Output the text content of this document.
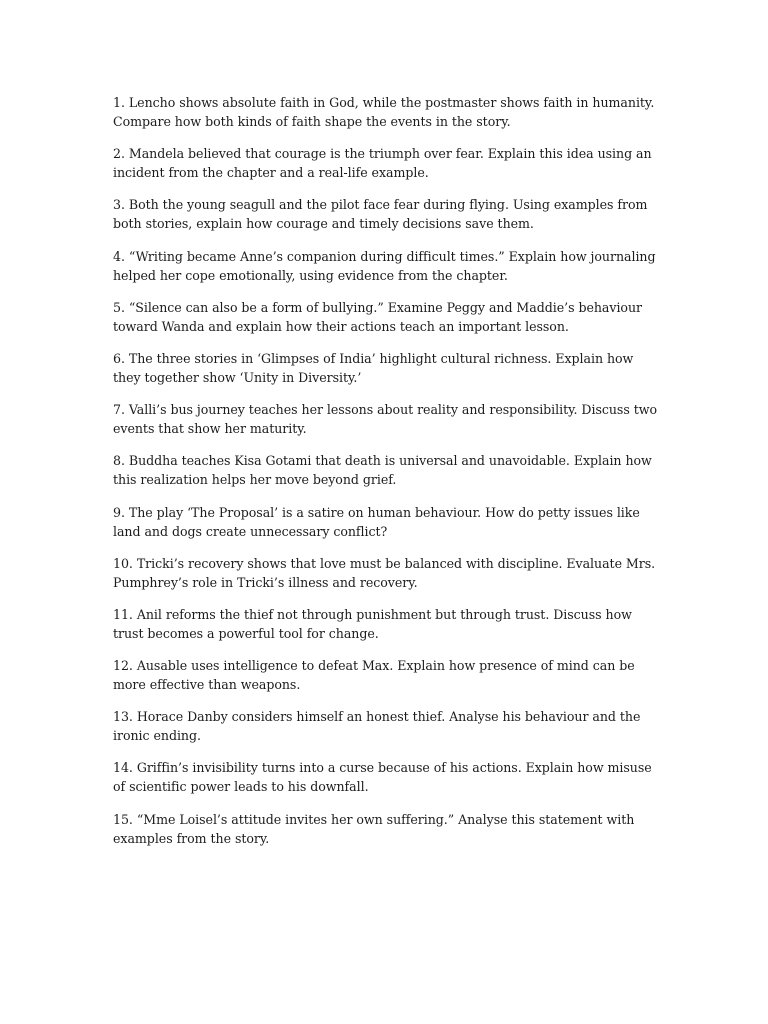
1. Lencho shows absolute faith in God, while the postmaster shows faith in humanity. Compare how both kinds of faith shape the events in the story.
2. Mandela believed that courage is the triumph over fear. Explain this idea using an incident from the chapter and a real-life example.
3. Both the young seagull and the pilot face fear during flying. Using examples from both stories, explain how courage and timely decisions save them.
4. “Writing became Anne’s companion during difficult times.” Explain how journaling helped her cope emotionally, using evidence from the chapter.
5. “Silence can also be a form of bullying.” Examine Peggy and Maddie’s behaviour toward Wanda and explain how their actions teach an important lesson.
6. The three stories in ‘Glimpses of India’ highlight cultural richness. Explain how they together show ‘Unity in Diversity.’
7. Valli’s bus journey teaches her lessons about reality and responsibility. Discuss two events that show her maturity.
8. Buddha teaches Kisa Gotami that death is universal and unavoidable. Explain how this realization helps her move beyond grief.
9. The play ‘The Proposal’ is a satire on human behaviour. How do petty issues like land and dogs create unnecessary conflict?
10. Tricki’s recovery shows that love must be balanced with discipline. Evaluate Mrs. Pumphrey’s role in Tricki’s illness and recovery.
11. Anil reforms the thief not through punishment but through trust. Discuss how trust becomes a powerful tool for change.
12. Ausable uses intelligence to defeat Max. Explain how presence of mind can be more effective than weapons.
13. Horace Danby considers himself an honest thief. Analyse his behaviour and the ironic ending.
14. Griffin’s invisibility turns into a curse because of his actions. Explain how misuse of scientific power leads to his downfall.
15. “Mme Loisel’s attitude invites her own suffering.” Analyse this statement with examples from the story.
